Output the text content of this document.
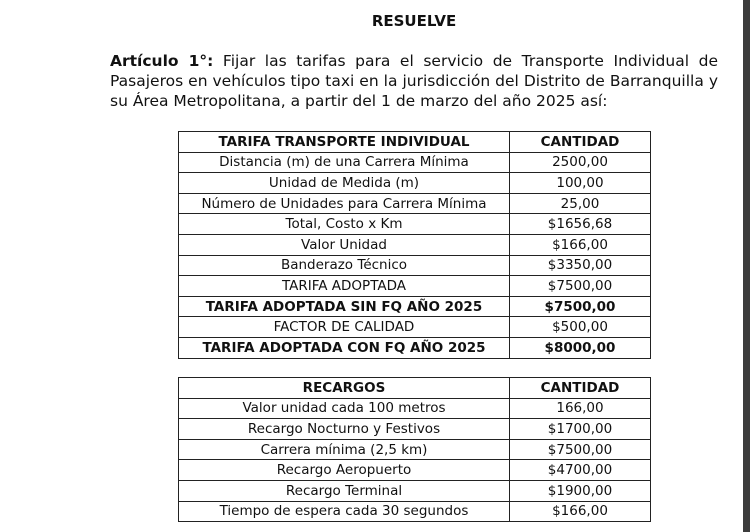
RESUELVE

Artículo 1°: Fijar las tarifas para el servicio de Transporte Individual de Pasajeros en vehículos tipo taxi en la jurisdicción del Distrito de Barranquilla y su Área Metropolitana, a partir del 1 de marzo del año 2025 así:

TARIFA TRANSPORTE INDIVIDUAL	CANTIDAD
Distancia (m) de una Carrera Mínima	2500,00
Unidad de Medida (m)	100,00
Número de Unidades para Carrera Mínima	25,00
Total, Costo x Km	$1656,68
Valor Unidad	$166,00
Banderazo Técnico	$3350,00
TARIFA ADOPTADA	$7500,00
TARIFA ADOPTADA SIN FQ AÑO 2025	$7500,00
FACTOR DE CALIDAD	$500,00
TARIFA ADOPTADA CON FQ AÑO 2025	$8000,00
RECARGOS	CANTIDAD
Valor unidad cada 100 metros	166,00
Recargo Nocturno y Festivos	$1700,00
Carrera mínima (2,5 km)	$7500,00
Recargo Aeropuerto	$4700,00
Recargo Terminal	$1900,00
Tiempo de espera cada 30 segundos	$166,00
